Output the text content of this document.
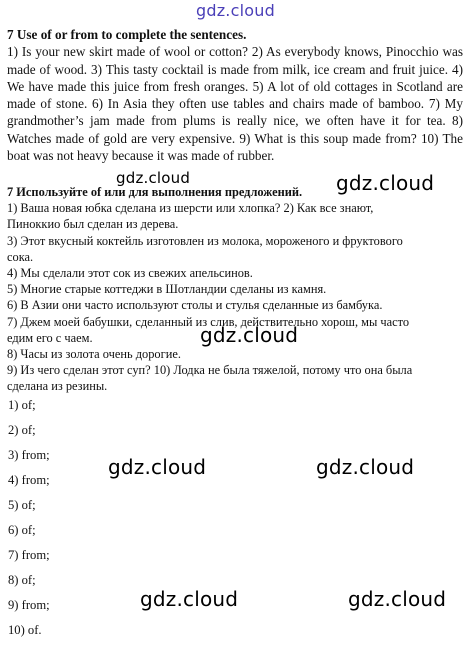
gdz.cloud
7 Use of or from to complete the sentences.
1) Is your new skirt made of wool or cotton? 2) As everybody knows, Pinocchio was made of wood. 3) This tasty cocktail is made from milk, ice cream and fruit juice. 4) We have made this juice from fresh oranges. 5) A lot of old cottages in Scotland are made of stone. 6) In Asia they often use tables and chairs made of bamboo. 7) My grandmother’s jam made from plums is really nice, we often have it for tea. 8) Watches made of gold are very expensive. 9) What is this soup made from? 10) The boat was not heavy because it was made of rubber.
7 Используйте of или для выполнения предложений.
1) Ваша новая юбка сделана из шерсти или хлопка? 2) Как все знают,
Пиноккио был сделан из дерева.
3) Этот вкусный коктейль изготовлен из молока, мороженого и фруктового
сока.
4) Мы сделали этот сок из свежих апельсинов.
5) Многие старые коттеджи в Шотландии сделаны из камня.
6) В Азии они часто используют столы и стулья сделанные из бамбука.
7) Джем моей бабушки, сделанный из слив, действительно хорош, мы часто
едим его с чаем.
8) Часы из золота очень дорогие.
9) Из чего сделан этот суп? 10) Лодка не была тяжелой, потому что она была
сделана из резины.
1) of;
2) of;
3) from;
4) from;
5) of;
6) of;
7) from;
8) of;
9) from;
10) of.
gdz.cloud	gdz.cloud
gdz.cloud
gdz.cloud	gdz.cloud
gdz.cloud	gdz.cloud
